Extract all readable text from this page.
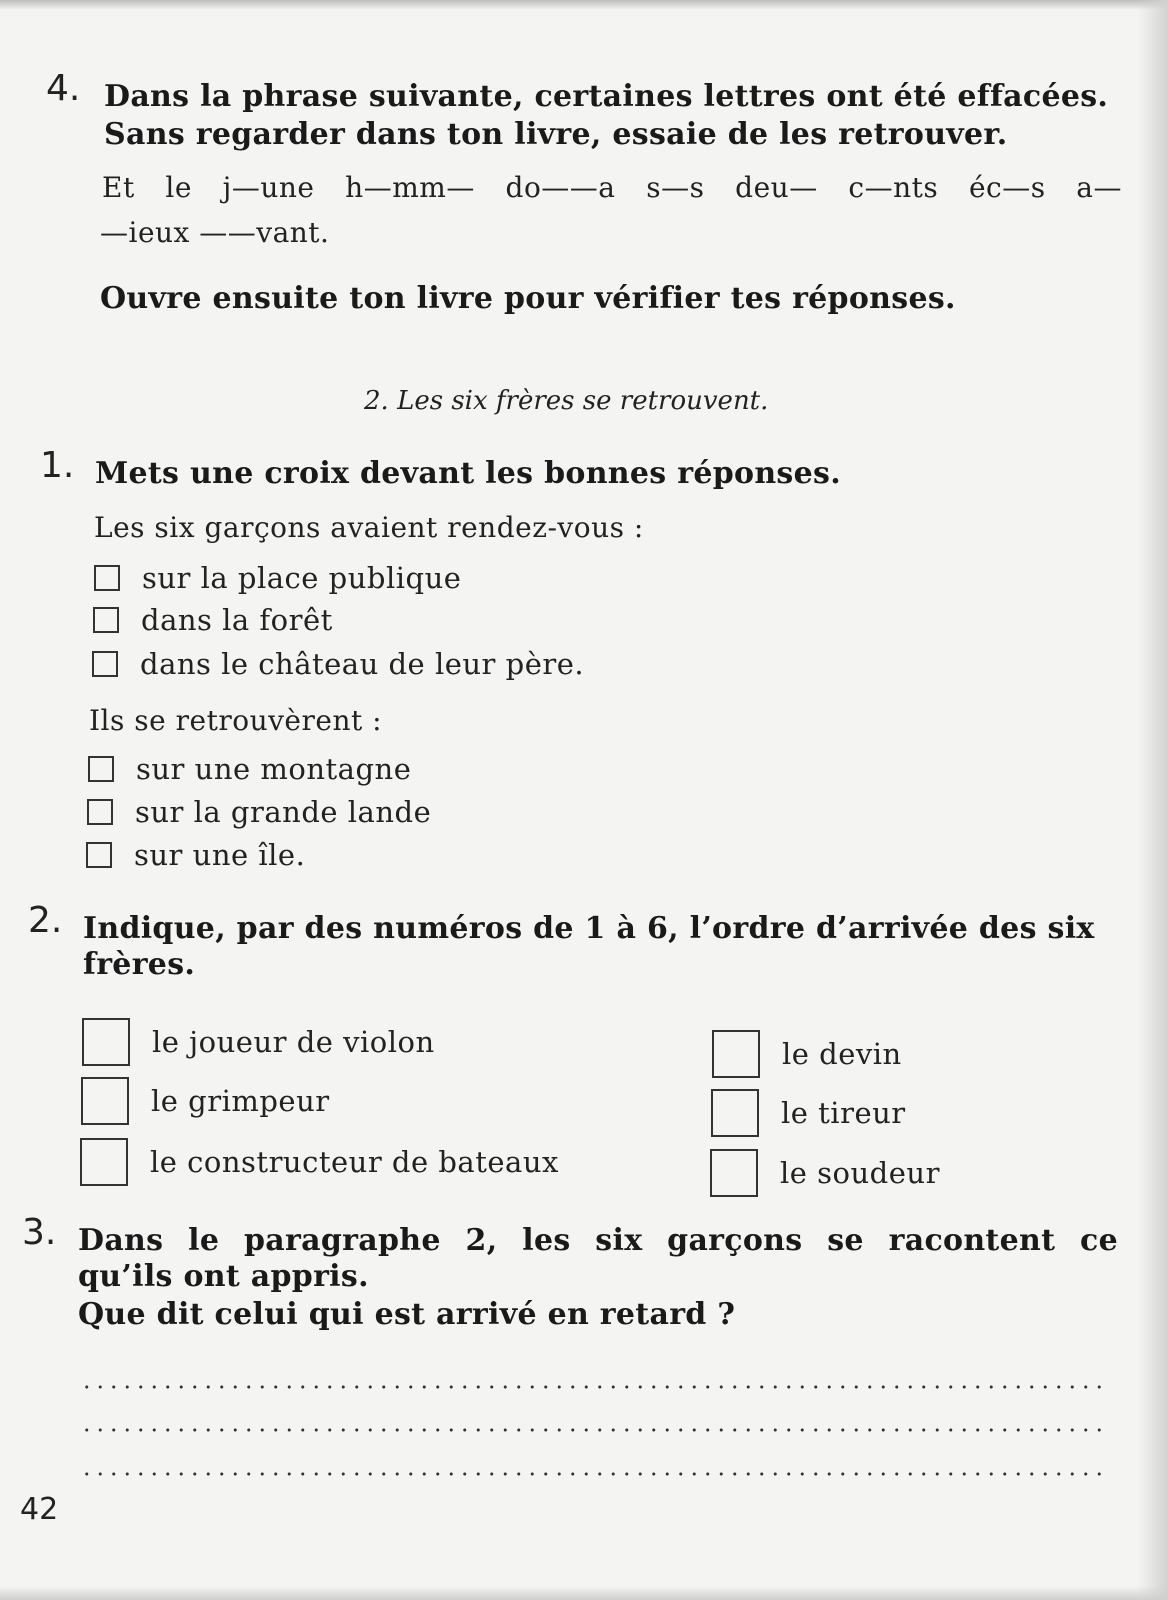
4. Dans la phrase suivante, certaines lettres ont été effacées.
Sans regarder dans ton livre, essaie de les retrouver.
Et le j—une h—mm— do——a s—s deu— c—nts éc—s a—
—ieux ——vant.
Ouvre ensuite ton livre pour vérifier tes réponses.
2. Les six frères se retrouvent.
1. Mets une croix devant les bonnes réponses.
Les six garçons avaient rendez-vous :
sur la place publique
dans la forêt
dans le château de leur père.
Ils se retrouvèrent :
sur une montagne
sur la grande lande
sur une île.
2. Indique, par des numéros de 1 à 6, l’ordre d’arrivée des six
frères.
le joueur de violon
le grimpeur
le constructeur de bateaux
le devin
le tireur
le soudeur
3. Dans le paragraphe 2, les six garçons se racontent ce
qu’ils ont appris.
Que dit celui qui est arrivé en retard ?
42
